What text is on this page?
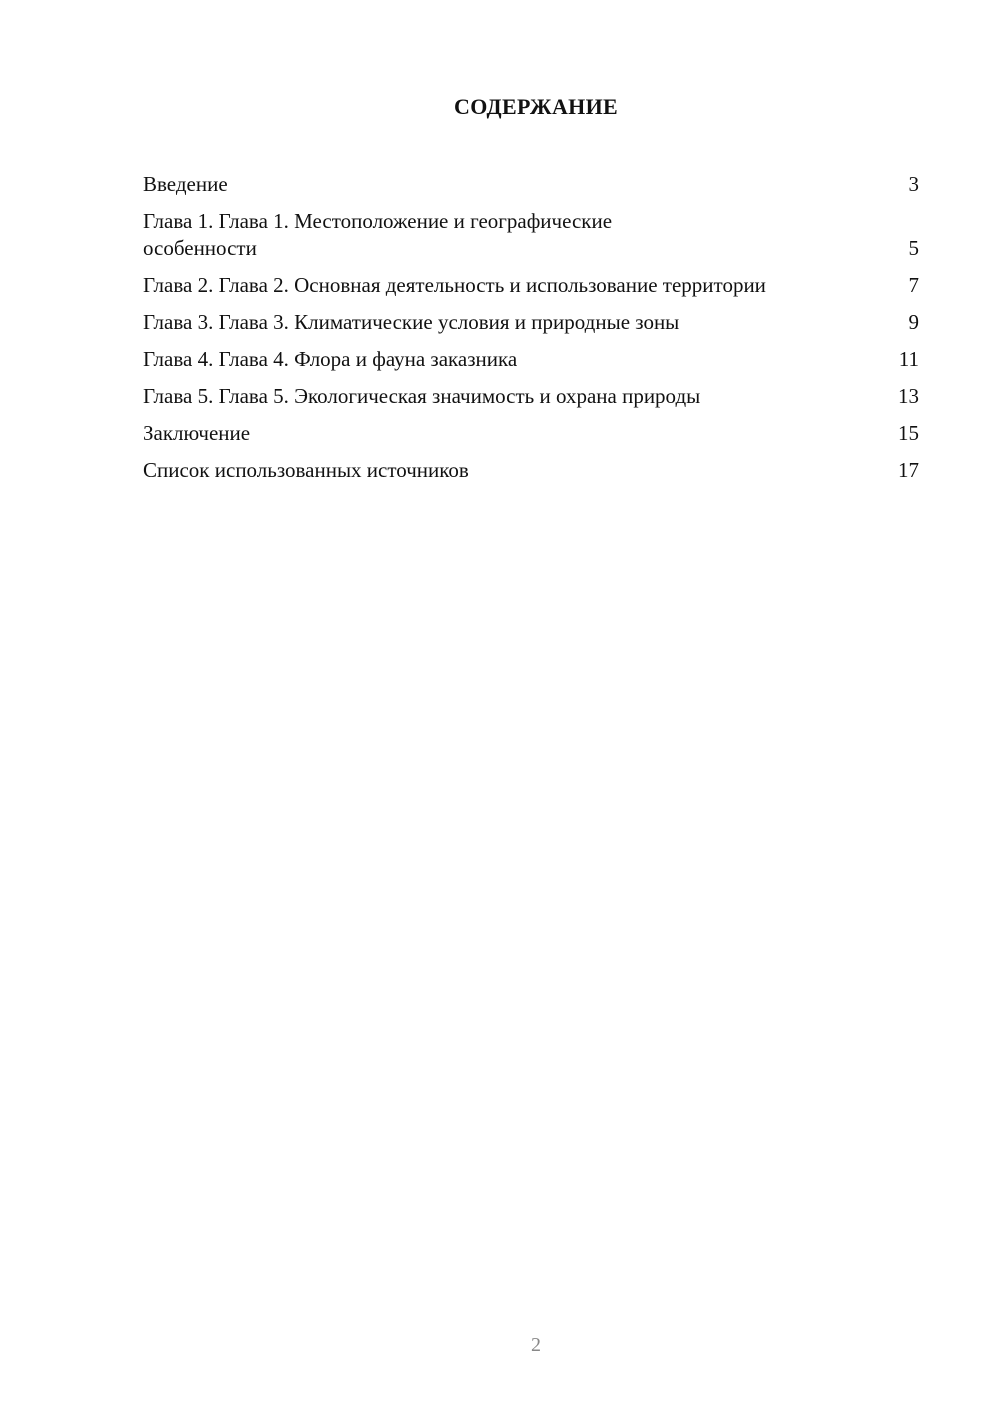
СОДЕРЖАНИЕ
Введение	3
Глава 1. Глава 1. Местоположение и географические особенности	5
Глава 2. Глава 2. Основная деятельность и использование территории	7
Глава 3. Глава 3. Климатические условия и природные зоны	9
Глава 4. Глава 4. Флора и фауна заказника	11
Глава 5. Глава 5. Экологическая значимость и охрана природы	13
Заключение	15
Список использованных источников	17
2
